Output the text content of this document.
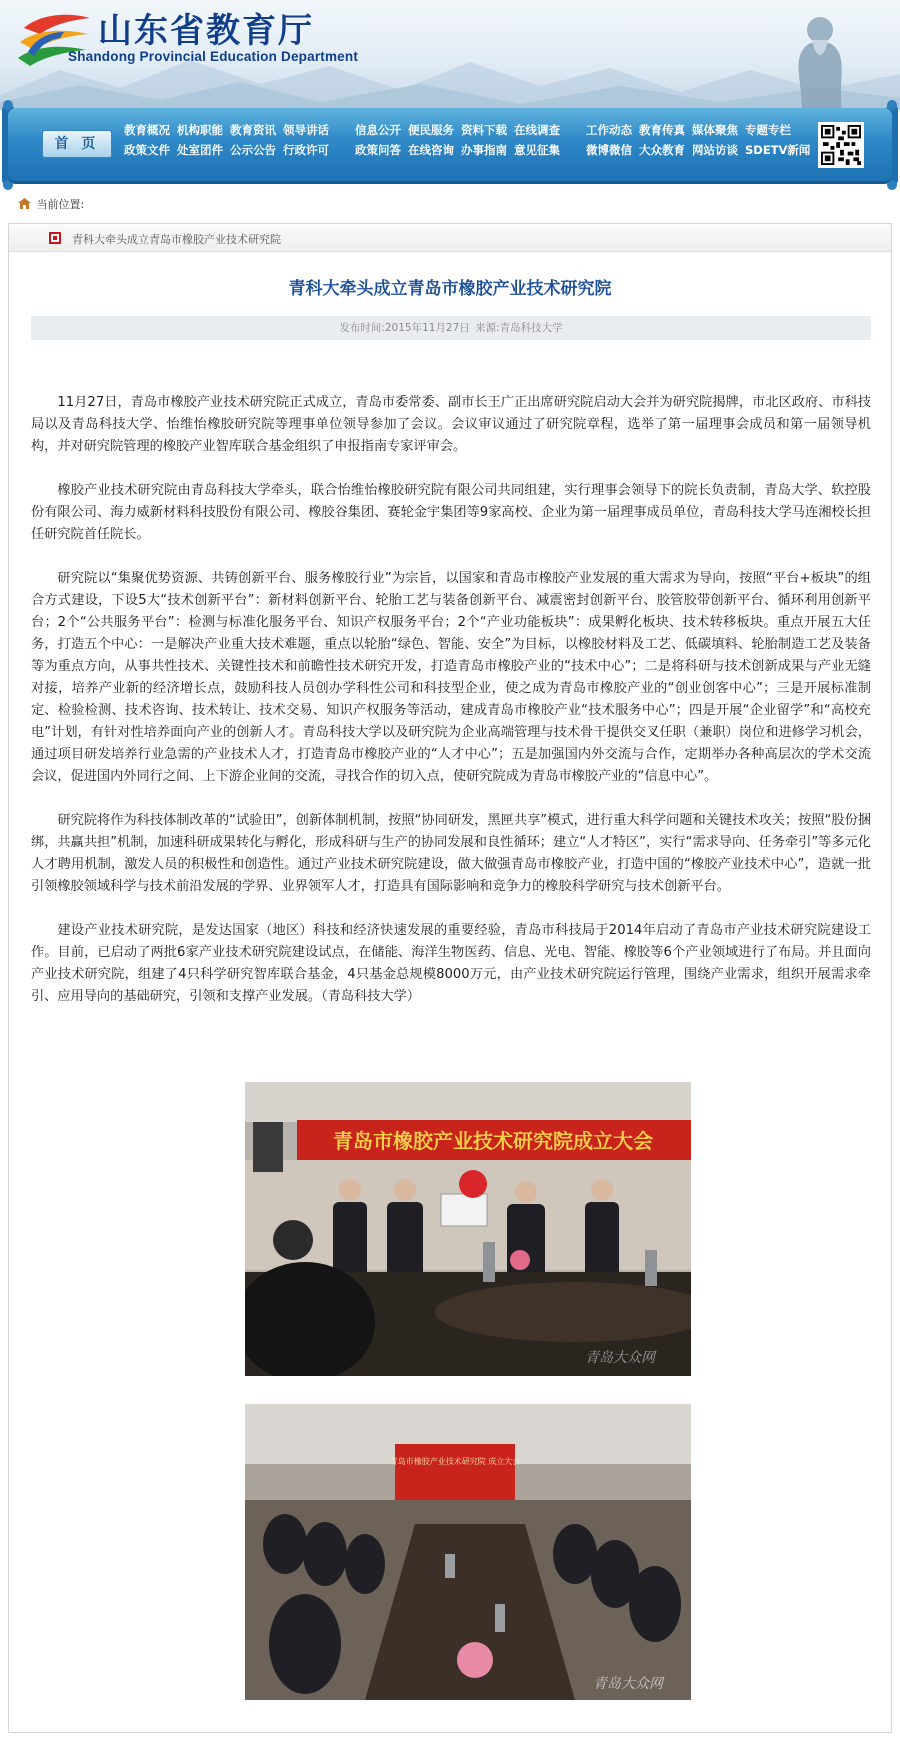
山东省教育厅
Shandong Provincial Education Department
首 页
教育概况 机构职能 教育资讯 领导讲话
政策文件 处室团件 公示公告 行政许可
信息公开 便民服务 资料下载 在线调查
政策问答 在线咨询 办事指南 意见征集
工作动态 教育传真 媒体聚焦 专题专栏
微博微信 大众教育 网站访谈 SDETV新闻
当前位置:
青科大牵头成立青岛市橡胶产业技术研究院
青科大牵头成立青岛市橡胶产业技术研究院
发布时间:2015年11月27日 来源:青岛科技大学

11月27日，青岛市橡胶产业技术研究院正式成立，青岛市委常委、副市长王广正出席研究院启动大会并为研究院揭牌，市北区政府、市科技局以及青岛科技大学、怡维怡橡胶研究院等理事单位领导参加了会议。会议审议通过了研究院章程，选举了第一届理事会成员和第一届领导机构，并对研究院管理的橡胶产业智库联合基金组织了申报指南专家评审会。

橡胶产业技术研究院由青岛科技大学牵头，联合怡维怡橡胶研究院有限公司共同组建，实行理事会领导下的院长负责制，青岛大学、软控股份有限公司、海力威新材料科技股份有限公司、橡胶谷集团、赛轮金宇集团等9家高校、企业为第一届理事成员单位，青岛科技大学马连湘校长担任研究院首任院长。

研究院以“集聚优势资源、共铸创新平台、服务橡胶行业”为宗旨，以国家和青岛市橡胶产业发展的重大需求为导向，按照“平台+板块”的组合方式建设，下设5大“技术创新平台”：新材料创新平台、轮胎工艺与装备创新平台、减震密封创新平台、胶管胶带创新平台、循环利用创新平台；2个“公共服务平台”：检测与标准化服务平台、知识产权服务平台；2个“产业功能板块”：成果孵化板块、技术转移板块。重点开展五大任务，打造五个中心：一是解决产业重大技术难题，重点以轮胎“绿色、智能、安全”为目标，以橡胶材料及工艺、低碳填料、轮胎制造工艺及装备等为重点方向，从事共性技术、关键性技术和前瞻性技术研究开发，打造青岛市橡胶产业的“技术中心”；二是将科研与技术创新成果与产业无缝对接，培养产业新的经济增长点，鼓励科技人员创办学科性公司和科技型企业，使之成为青岛市橡胶产业的“创业创客中心”；三是开展标准制定、检验检测、技术咨询、技术转让、技术交易、知识产权服务等活动，建成青岛市橡胶产业“技术服务中心”；四是开展“企业留学”和“高校充电”计划，有针对性培养面向产业的创新人才。青岛科技大学以及研究院为企业高端管理与技术骨干提供交叉任职（兼职）岗位和进修学习机会，通过项目研发培养行业急需的产业技术人才，打造青岛市橡胶产业的“人才中心”；五是加强国内外交流与合作，定期举办各种高层次的学术交流会议，促进国内外同行之间、上下游企业间的交流，寻找合作的切入点，使研究院成为青岛市橡胶产业的“信息中心”。

研究院将作为科技体制改革的“试验田”，创新体制机制，按照“协同研发，黑匣共享”模式，进行重大科学问题和关键技术攻关；按照“股份捆绑，共赢共担”机制，加速科研成果转化与孵化，形成科研与生产的协同发展和良性循环；建立“人才特区”，实行“需求导向、任务牵引”等多元化人才聘用机制，激发人员的积极性和创造性。通过产业技术研究院建设，做大做强青岛市橡胶产业，打造中国的“橡胶产业技术中心”，造就一批引领橡胶领域科学与技术前沿发展的学界、业界领军人才，打造具有国际影响和竞争力的橡胶科学研究与技术创新平台。

建设产业技术研究院，是发达国家（地区）科技和经济快速发展的重要经验，青岛市科技局于2014年启动了青岛市产业技术研究院建设工作。目前，已启动了两批6家产业技术研究院建设试点，在储能、海洋生物医药、信息、光电、智能、橡胶等6个产业领域进行了布局。并且面向产业技术研究院，组建了4只科学研究智库联合基金，4只基金总规模8000万元，由产业技术研究院运行管理，围绕产业需求，组织开展需求牵引、应用导向的基础研究，引领和支撑产业发展。（青岛科技大学）

青岛市橡胶产业技术研究院成立大会
青岛大众网
青岛市橡胶产业技术研究院 成立大会
青岛大众网
